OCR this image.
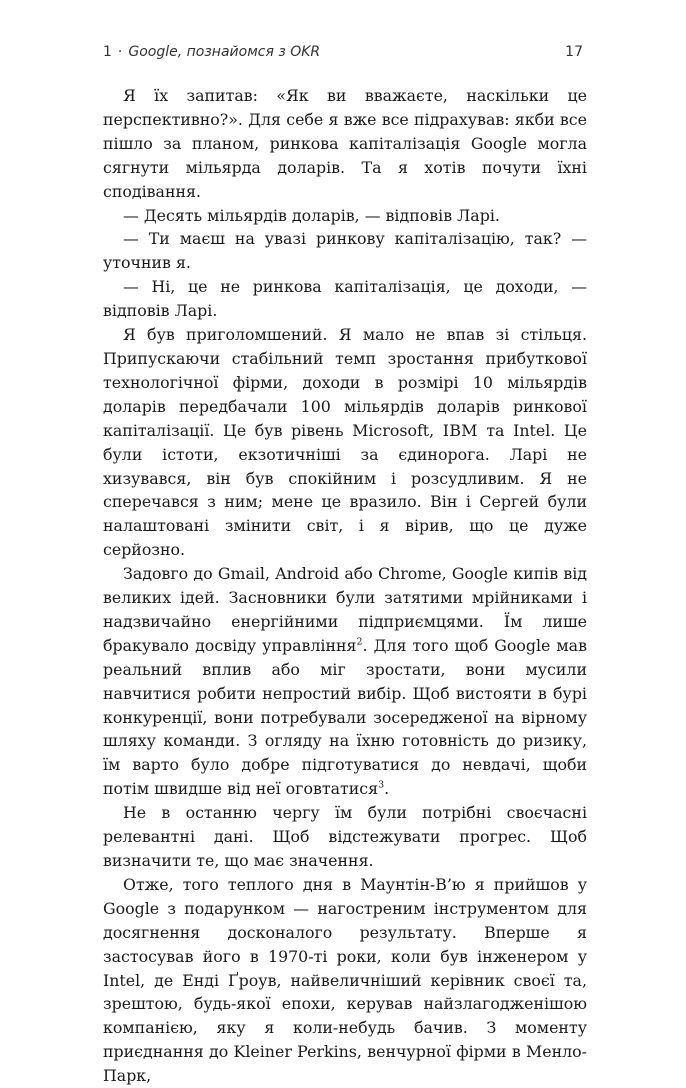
1 · Google, познайомся з OKR	17

Я їх запитав: «Як ви вважаєте, наскільки це перспективно?». Для себе я вже все підрахував: якби все пішло за планом, ринкова капіталізація Google могла сягнути мільярда доларів. Та я хотів почути їхні сподівання.

— Десять мільярдів доларів, — відповів Ларі.

— Ти маєш на увазі ринкову капіталізацію, так? — уточнив я.

— Ні, це не ринкова капіталізація, це доходи, — відповів Ларі.

Я був приголомшений. Я мало не впав зі стільця. Припускаючи стабільний темп зростання прибуткової технологічної фірми, доходи в розмірі 10 мільярдів доларів передбачали 100 мільярдів доларів ринкової капіталізації. Це був рівень Microsoft, IBM та Intel. Це були істоти, екзотичніші за єдинорога. Ларі не хизувався, він був спокійним і розсудливим. Я не сперечався з ним; мене це вразило. Він і Сергей були налаштовані змінити світ, і я вірив, що це дуже серйозно.

Задовго до Gmail, Android або Chrome, Google кипів від великих ідей. Засновники були затятими мрійниками і надзвичайно енергійними підприємцями. Їм лише бракувало досвіду управління$^2$. Для того щоб Google мав реальний вплив або міг зростати, вони мусили навчитися робити непростий вибір. Щоб вистояти в бурі конкуренції, вони потребували зосередженої на вірному шляху команди. З огляду на їхню готовність до ризику, їм варто було добре підготуватися до невдачі, щоби потім швидше від неї оговтатися$^3$.

Не в останню чергу їм були потрібні своєчасні релевантні дані. Щоб відстежувати прогрес. Щоб визначити те, що має значення.

Отже, того теплого дня в Маунтін-В’ю я прийшов у Google з подарунком — нагостреним інструментом для досягнення досконалого результату. Вперше я застосував його в 1970-ті роки, коли був інженером у Intel, де Енді Ґроув, найвеличніший керівник своєї та, зрештою, будь-якої епохи, керував найзлагодженішою компанією, яку я коли-небудь бачив. З моменту приєднання до Kleiner Perkins, венчурної фірми в Менло-Парк,
